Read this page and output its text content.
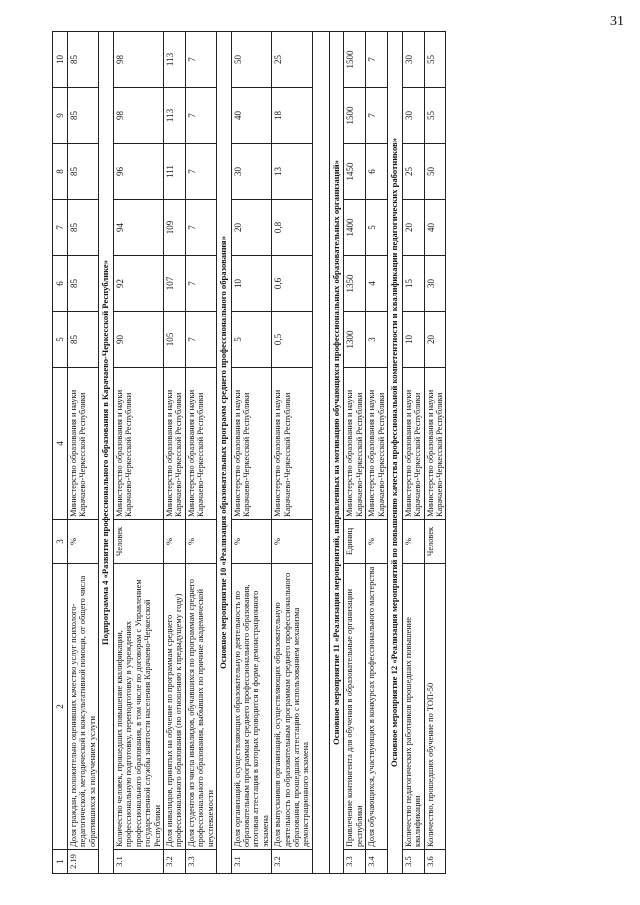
31
1	2	3	4	5	6	7	8	9	10
2.19	Доля граждан, положительно оценивших качество услуг психолого-педагогической, методической и консультативной помощи, от общего числа обратившихся за получением услуги	%	Министерство образования и науки Карачаево-Черкесской Республики	85	85	85	85	85	85
Подпрограмма 4 «Развитие профессионального образования в Карачаево-Черкесской Республике»									
3.1	Количество человек, прошедших повышение квалификации, профессиональную подготовку, переподготовку в учреждениях профессионального образования, в том числе по договорам с Управлением государственной службы занятости населения Карачаево-Черкесской Республики	Человек	Министерство образования и науки Карачаево-Черкесской Республики	90	92	94	96	98	98
3.2	Доля инвалидов, принятых на обучение по программам среднего профессионального образования (по отношению к предыдущему году)	%	Министерство образования и науки Карачаево-Черкесской Республики	105	107	109	111	113	113
3.3	Доля студентов из числа инвалидов, обучавшихся по программам среднего профессионального образования, выбывших по причине академической неуспеваемости	%	Министерство образования и науки Карачаево-Черкесской Республики	7	7	7	7	7	7
Основное мероприятие 10 «Реализация образовательных программ среднего профессионального образования»									
3.1	Доля организаций, осуществляющих образовательную деятельность по образовательным программам среднего профессионального образования, итоговая аттестация в которых проводится в форме демонстрационного экзамена	%	Министерство образования и науки Карачаево-Черкесской Республики	5	10	20	30	40	50
3.2	Доля выпускников организаций, осуществляющих образовательную деятельность по образовательным программам среднего профессионального образования, прошедших аттестацию с использованием механизма демонстрационного экзамена	%	Министерство образования и науки Карачаево-Черкесской Республики	0,5	0,6	0,8	13	18	25

Основное мероприятие 11 «Реализация мероприятий, направленных на мотивацию обучающихся профессиональных образовательных организаций»									
3.3	Привлечение контингента для обучения в образовательные организации республики	Единиц	Министерство образования и науки Карачаево-Черкесской Республики	1300	1350	1400	1450	1500	1500
3.4	Доля обучающихся, участвующих в конкурсах профессионального мастерства	%	Министерство образования и науки Карачаево-Черкесской Республики	3	4	5	6	7	7
Основное мероприятие 12 «Реализация мероприятий по повышению качества профессиональной компетентности и квалификации педагогических работников»									
3.5	Количество педагогических работников прошедших повышение квалификации	%	Министерство образования и науки Карачаево-Черкесской Республики	10	15	20	25	30	30
3.6	Количество, прошедших обучение по ТОП-50	Человек	Министерство образования и науки Карачаево-Черкесской Республики	20	30	40	50	55	55
